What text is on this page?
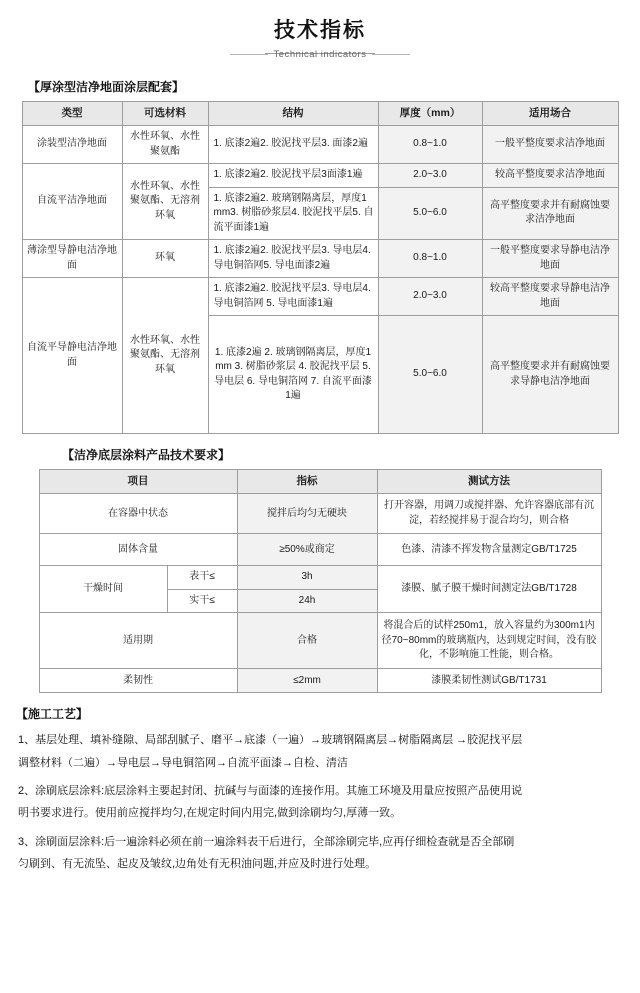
技术指标
Technical indicators
【厚涂型洁净地面涂层配套】
类型	可选材料	结构	厚度（mm）	适用场合
涂装型洁净地面	水性环氧、水性聚氨酯	1. 底漆2遍2. 胶泥找平层3. 面漆2遍	0.8~1.0	一般平整度要求洁净地面
自流平洁净地面	水性环氧、水性聚氨酯、无溶剂环氧	1. 底漆2遍2. 胶泥找平层3面漆1遍	2.0~3.0	较高平整度要求洁净地面
		1. 底漆2遍2. 玻璃钢隔离层，厚度1mm3. 树脂砂浆层4. 胶泥找平层5. 自流平面漆1遍	5.0~6.0	高平整度要求并有耐腐蚀要求洁净地面
薄涂型导静电洁净地面	环氧	1. 底漆2遍2. 胶泥找平层3. 导电层4. 导电铜箔网5. 导电面漆2遍	0.8~1.0	一般平整度要求导静电洁净地面
自流平导静电洁净地面	水性环氧、水性聚氨酯、无溶剂环氧	1. 底漆2遍2. 胶泥找平层3. 导电层4. 导电铜箔网 5. 导电面漆1遍	2.0~3.0	较高平整度要求导静电洁净地面
		1. 底漆2遍 2. 玻璃钢隔离层，厚度1mm 3. 树脂砂浆层 4. 胶泥找平层 5. 导电层 6. 导电铜箔网 7. 自流平面漆1遍	5.0~6.0	高平整度要求并有耐腐蚀要求导静电洁净地面
【洁净底层涂料产品技术要求】
项目		指标	测试方法
在容器中状态		搅拌后均匀无硬块	打开容器，用调刀或搅拌器、允许容器底部有沉淀，若经搅拌易于混合均匀，则合格
固体含量		≥50%或商定	色漆、清漆不挥发物含量测定GB/T1725
干燥时间	表干≤	3h	漆膜、腻子膜干燥时间测定法GB/T1728
	实干≤	24h	
适用期		合格	将混合后的试样250m1，放入容量约为300m1内径70~80mm的玻璃瓶内，达到规定时间，没有胶化，不影响施工性能，则合格。
柔韧性		≤2mm	漆膜柔韧性测试GB/T1731
【施工工艺】

1、基层处理、填补缝隙、局部刮腻子、磨平→底漆（一遍）→玻璃钢隔离层→树脂隔离层 →胶泥找平层

调整材料（二遍）→导电层→导电铜箔网→自流平面漆→自检、清洁

2、涂刷底层涂料:底层涂料主要起封闭、抗碱与与面漆的连接作用。其施工环境及用量应按照产品使用说

明书要求进行。使用前应搅拌均匀,在规定时间内用完,做到涂刷均匀,厚薄一致。

3、涂刷面层涂料:后一遍涂料必须在前一遍涂料表干后进行，全部涂刷完毕,应再仔细检查就是否全部刷

匀刷到、有无流坠、起皮及皱纹,边角处有无积油问题,并应及时进行处理。
